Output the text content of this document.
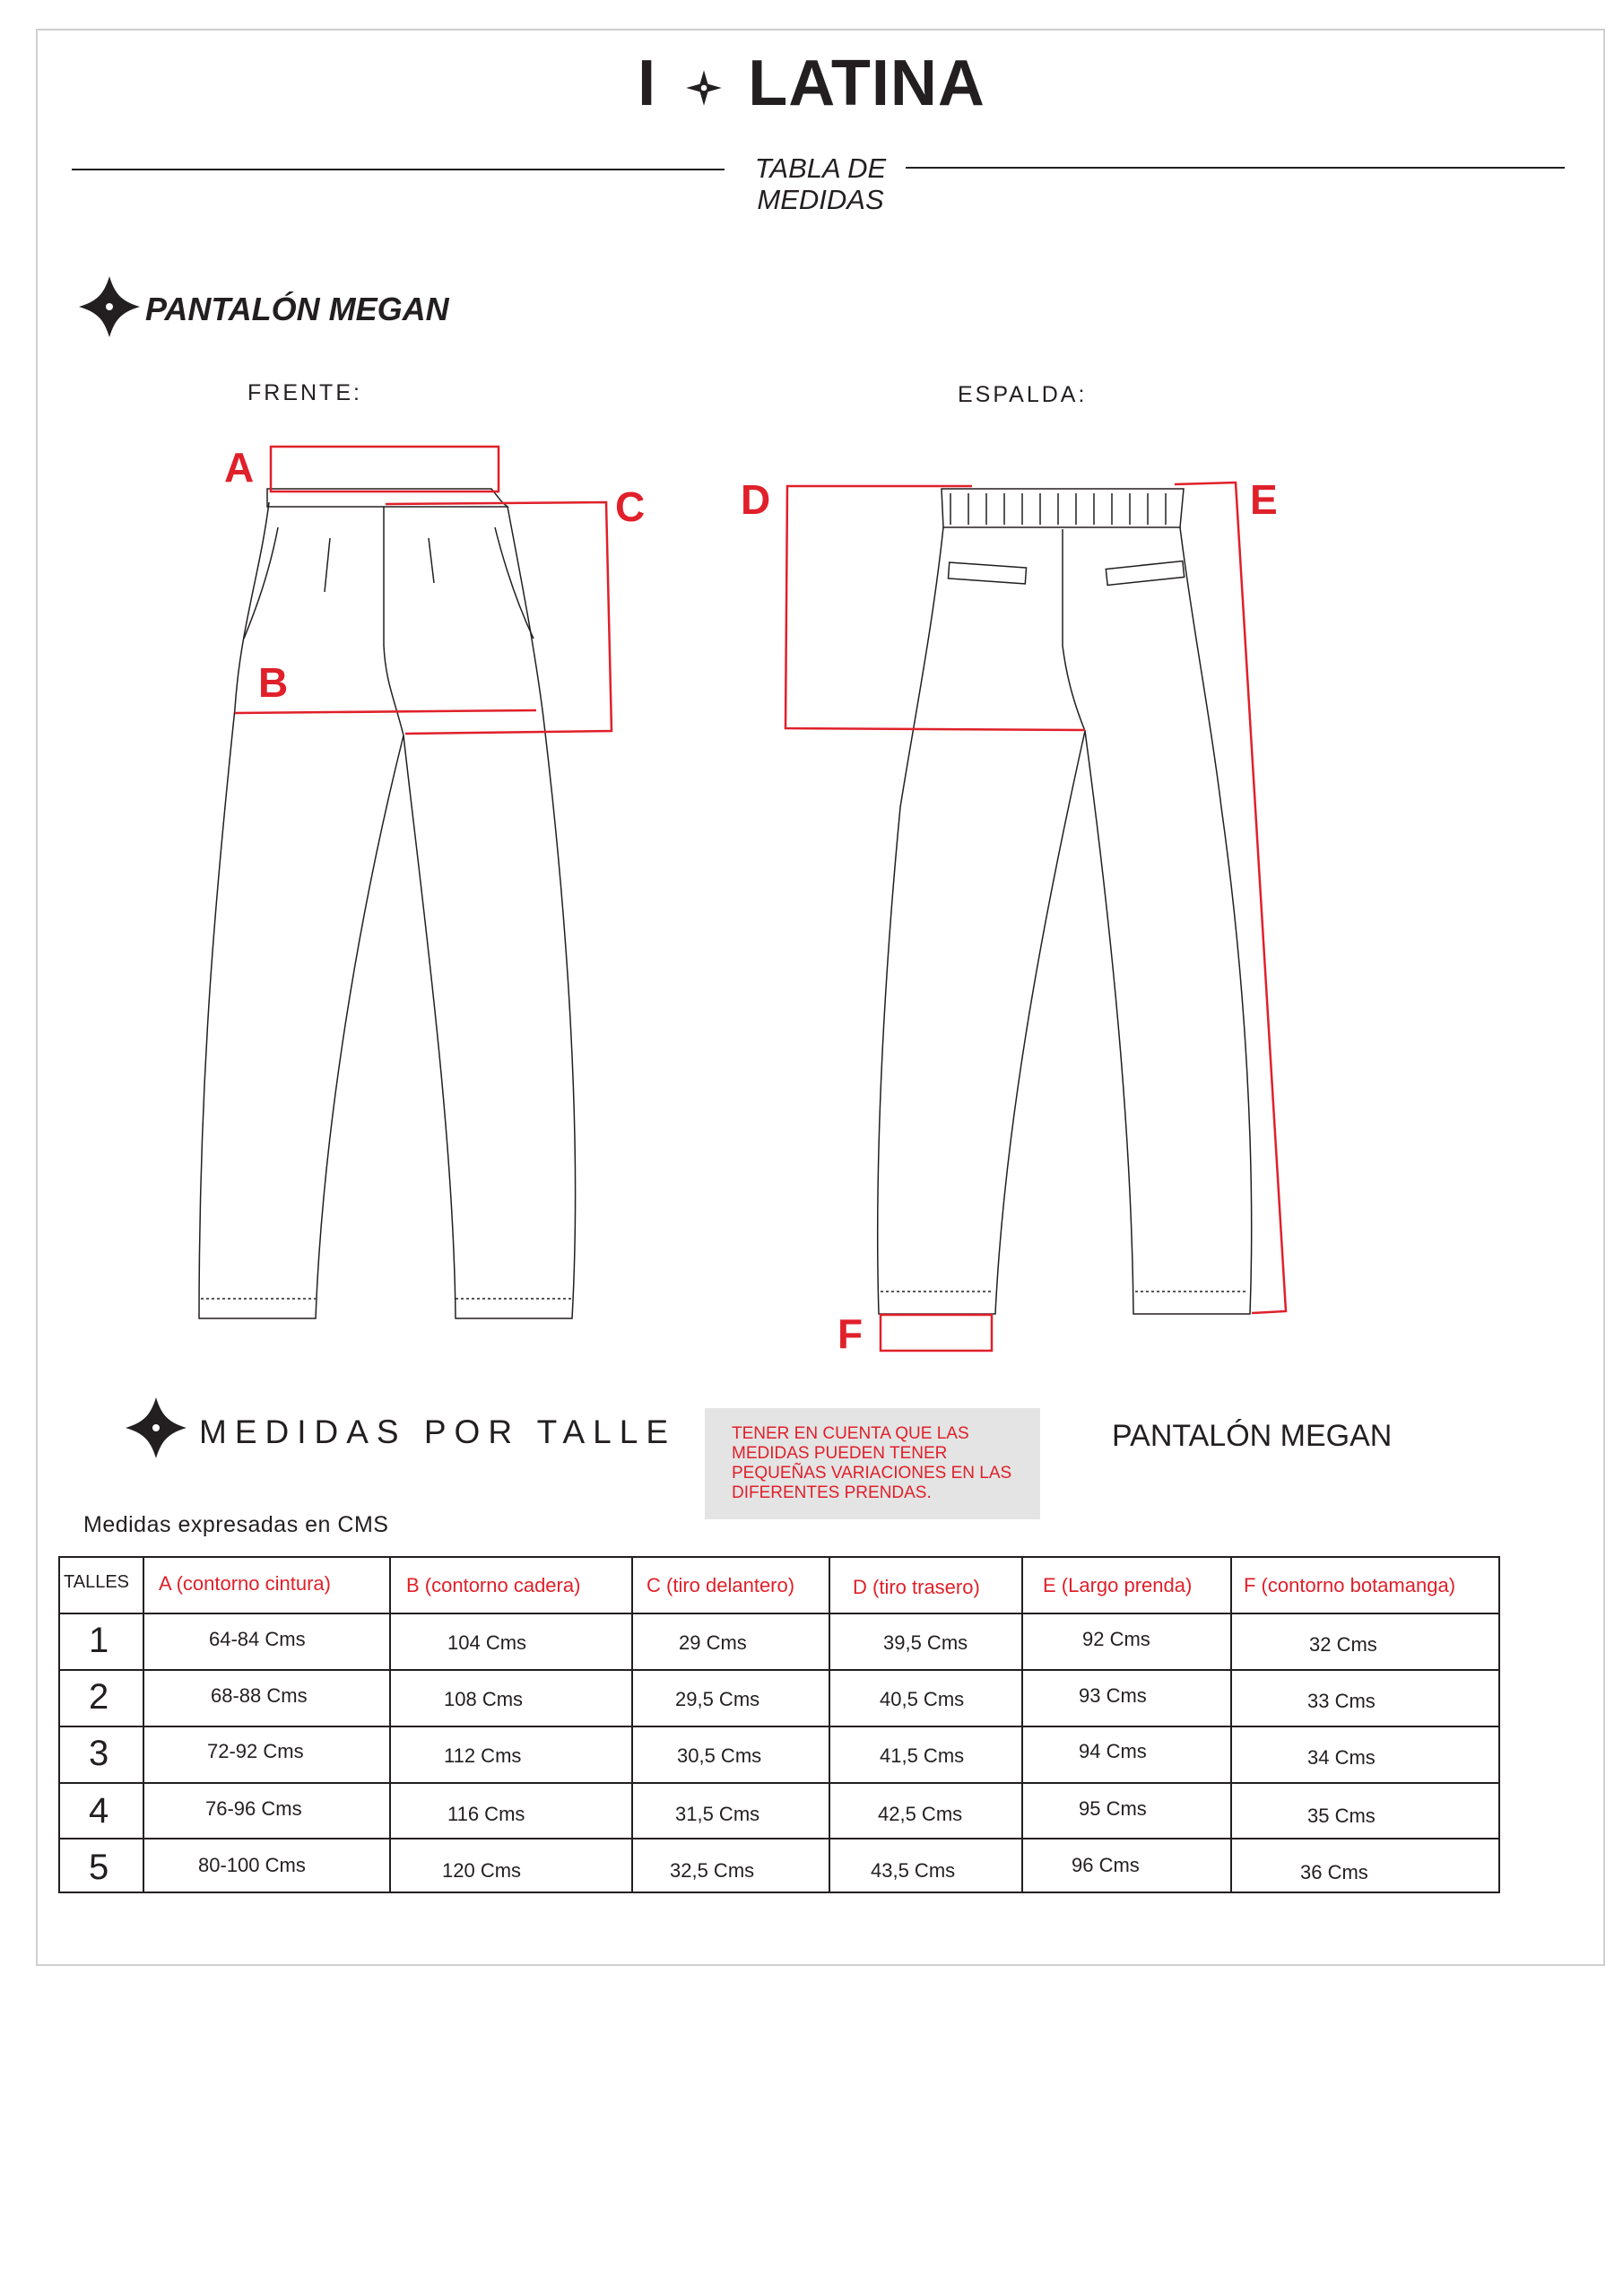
I LATINA
TABLA DE
MEDIDAS
PANTALÓN MEGAN
FRENTE:	ESPALDA:
A
C
B
D	E
F
MEDIDAS POR TALLE	TENER EN CUENTA QUE LAS MEDIDAS PUEDEN TENER PEQUEÑAS VARIACIONES EN LAS DIFERENTES PRENDAS.
PANTALÓN MEGAN
Medidas expresadas en CMS
TALLES A (contorno cintura)	B (contorno cadera)	C (tiro delantero)	D (tiro trasero)	E (Largo prenda)	F (contorno botamanga)
1	64-84 Cms	104 Cms	29 Cms	39,5 Cms	92 Cms	32 Cms
2	68-88 Cms	108 Cms	29,5 Cms	40,5 Cms	93 Cms	33 Cms
3	72-92 Cms	112 Cms	30,5 Cms	41,5 Cms	94 Cms	34 Cms
4	76-96 Cms	116 Cms	31,5 Cms	42,5 Cms	95 Cms	35 Cms
5	80-100 Cms	120 Cms	32,5 Cms	43,5 Cms	96 Cms	36 Cms
